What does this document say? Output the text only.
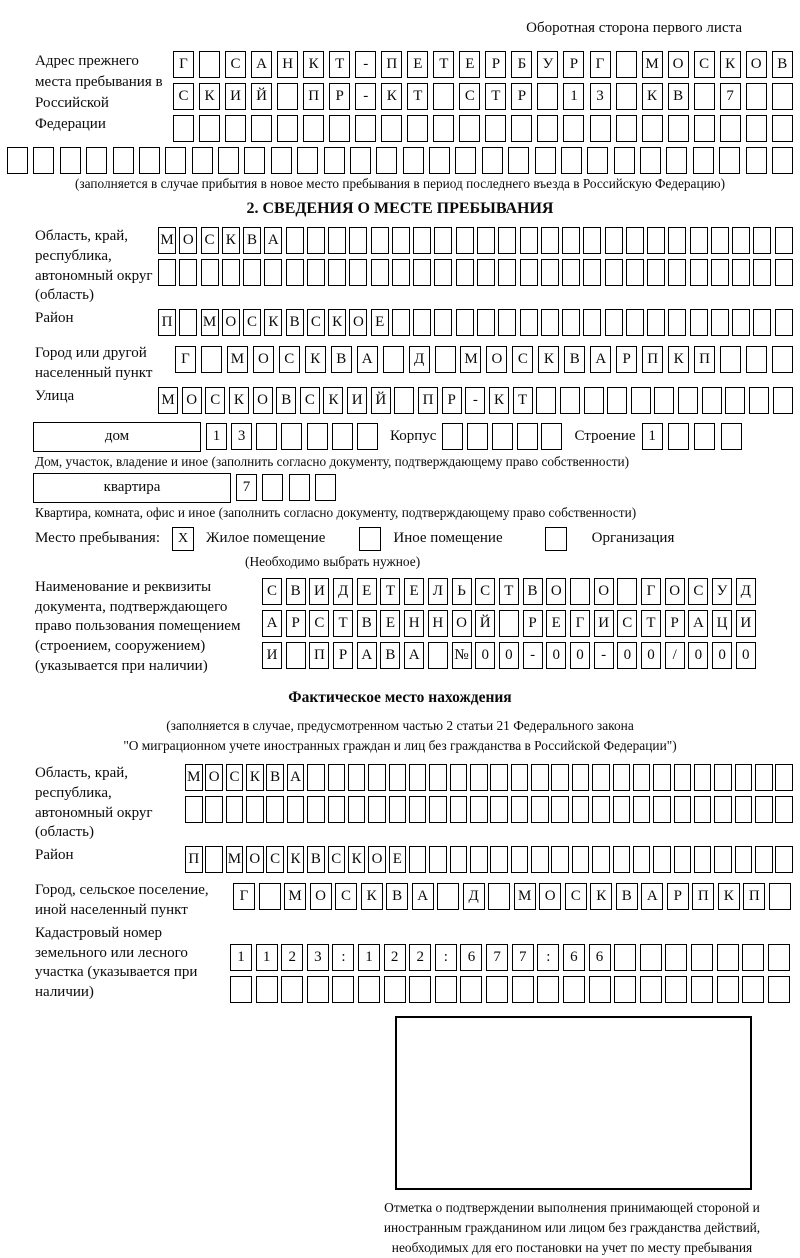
Оборотная сторона первого листа
Адрес прежнего места пребывания в Российской Федерации
Г	С	А	Н	К	Т	-	П	Е	Т	Е	Р	Б	У	Р	Г	М О	С	К	О	В
С	К	И	Й	П	Р	-	К	Т	С	Т	Р	1	3	К	В	7
(заполняется в случае прибытия в новое место пребывания в период последнего въезда в Российскую Федерацию)
2. СВЕДЕНИЯ О МЕСТЕ ПРЕБЫВАНИЯ
Область, край, республика, автономный округ (область)
М О С К В А
Район	П М О С К В С К О Е
Город или другой населенный пункт
Г	М О	С	К	В	А	Д	М О	С	К	В	А	Р	П	К	П
Улица	М О С К О В С К И Й	П Р	-	К Т
дом	1	3	Корпус	Строение 1
Дом, участок, владение и иное (заполнить согласно документу, подтверждающему право собственности)
квартира	7
Квартира, комната, офис и иное (заполнить согласно документу, подтверждающему право собственности)
Место пребывания:	X	Жилое помещение	Иное помещение	Организация
(Необходимо выбрать нужное)
Наименование и реквизиты документа, подтверждающего право пользования помещением (строением, сооружением) (указывается при наличии)
С В И Д Е Т Е Л Ь С Т В О	О	Г О С У Д
А Р С Т В Е Н Н О Й	Р Е Г И С Т Р А Ц И
И	П Р А В А	№ 0	0	-	0	0	-	0	0	/	0	0	0
Фактическое место нахождения
(заполняется в случае, предусмотренном частью 2 статьи 21 Федерального закона
"О миграционном учете иностранных граждан и лиц без гражданства в Российской Федерации")
Область, край, республика, автономный округ (область)
М О С К В А
Район	П М О С К В С К О Е
Город, сельское поселение, иной населенный пункт
Г	М О	С	К	В	А	Д	М О	С	К	В	А	Р	П	К	П
Кадастровый номер земельного или лесного участка (указывается при наличии)
1	1	2	3	:	1	2	2	:	6	7	7	:	6	6
Отметка о подтверждении выполнения принимающей стороной и иностранным гражданином или лицом без гражданства действий, необходимых для его постановки на учет по месту пребывания
